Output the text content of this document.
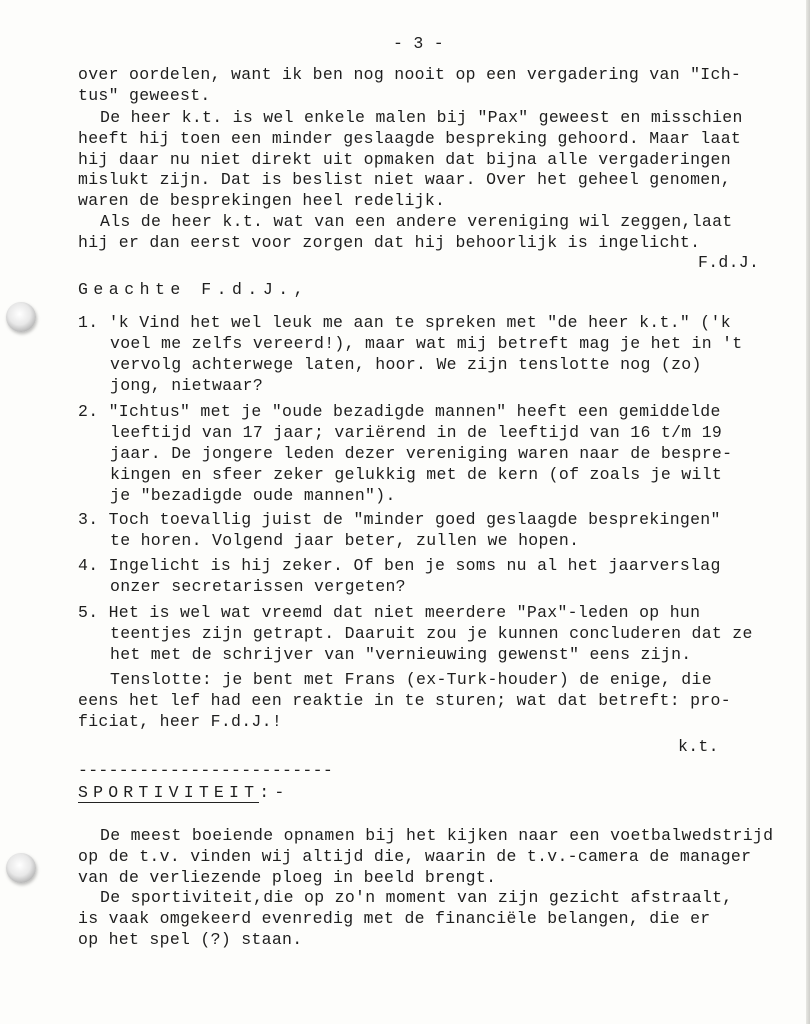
- 3 -
over oordelen, want ik ben nog nooit op een vergadering van "Ich-
tus" geweest.
De heer k.t. is wel enkele malen bij "Pax" geweest en misschien
heeft hij toen een minder geslaagde bespreking gehoord. Maar laat
hij daar nu niet direkt uit opmaken dat bijna alle vergaderingen
mislukt zijn. Dat is beslist niet waar. Over het geheel genomen,
waren de besprekingen heel redelijk.
Als de heer k.t. wat van een andere vereniging wil zeggen,laat
hij er dan eerst voor zorgen dat hij behoorlijk is ingelicht.
F.d.J.
Geachte F.d.J.,
1. 'k Vind het wel leuk me aan te spreken met "de heer k.t." ('k
voel me zelfs vereerd!), maar wat mij betreft mag je het in 't
vervolg achterwege laten, hoor. We zijn tenslotte nog (zo)
jong, nietwaar?
2. "Ichtus" met je "oude bezadigde mannen" heeft een gemiddelde
leeftijd van 17 jaar; variërend in de leeftijd van 16 t/m 19
jaar. De jongere leden dezer vereniging waren naar de bespre-
kingen en sfeer zeker gelukkig met de kern (of zoals je wilt
je "bezadigde oude mannen").
3. Toch toevallig juist de "minder goed geslaagde besprekingen"
te horen. Volgend jaar beter, zullen we hopen.
4. Ingelicht is hij zeker. Of ben je soms nu al het jaarverslag
onzer secretarissen vergeten?
5. Het is wel wat vreemd dat niet meerdere "Pax"-leden op hun
teentjes zijn getrapt. Daaruit zou je kunnen concluderen dat ze
het met de schrijver van "vernieuwing gewenst" eens zijn.
Tenslotte: je bent met Frans (ex-Turk-houder) de enige, die
eens het lef had een reaktie in te sturen; wat dat betreft: pro-
ficiat, heer F.d.J.!
k.t.
-------------------------
SPORTIVITEIT:-
De meest boeiende opnamen bij het kijken naar een voetbalwedstrijd
op de t.v. vinden wij altijd die, waarin de t.v.-camera de manager
van de verliezende ploeg in beeld brengt.
De sportiviteit,die op zo'n moment van zijn gezicht afstraalt,
is vaak omgekeerd evenredig met de financiële belangen, die er
op het spel (?) staan.
